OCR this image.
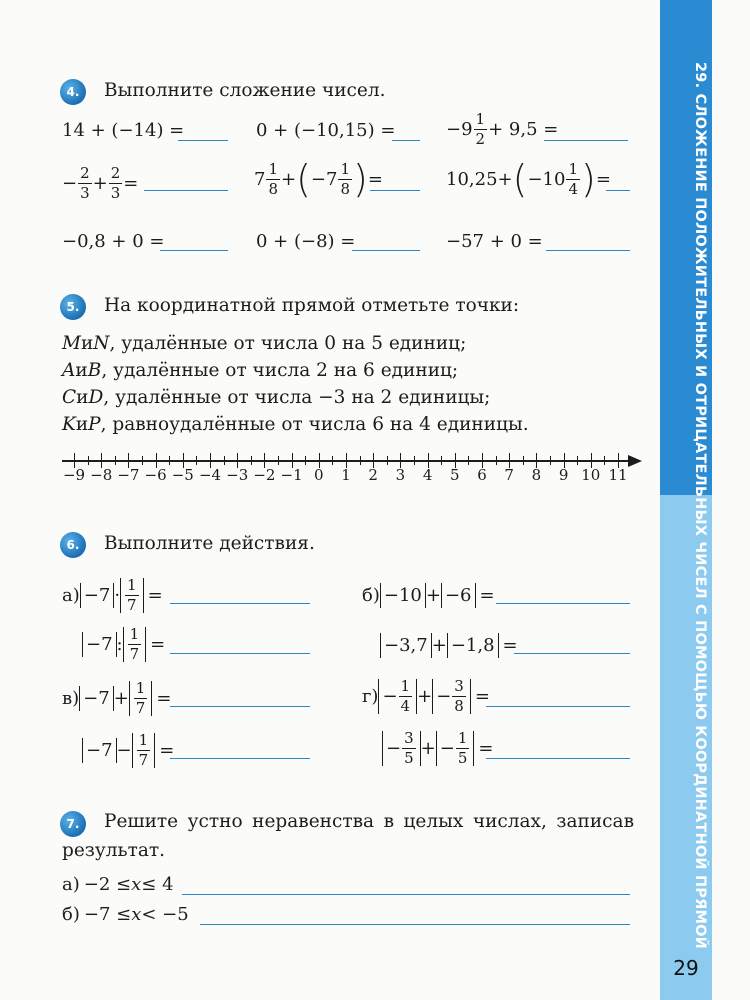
29. СЛОЖЕНИЕ ПОЛОЖИТЕЛЬНЫХ И ОТРИЦАТЕЛЬНЫХ ЧИСЕЛ С ПОМОЩЬЮ КООРДИНАТНОЙ ПРЯМОЙ
29
4.	Выполните сложение чисел.
14 + (−14) =	0 + (−10,15) =	$-9 \frac{1}{2} + 9,5$ =
− $\frac{2}{3} + \frac{2}{3}$ =	$7 \frac{1}{8}$ + ( $-7 \frac{1}{8}$ ) =	10,25 + ( $-10 \frac{1}{4}$ ) =
−0,8 + 0 =	0 + (−8) =	−57 + 0 =
5.	На координатной прямой отметьте точки:
M и N , удалённые от числа 0 на 5 единиц;
A и B , удалённые от числа 2 на 6 единиц;
C и D , удалённые от числа −3 на 2 единицы;
K и P , равноудалённые от числа 6 на 4 единицы.
−9 −8 −7 −6 −5 −4 −3 −2 −1 0 1 2 3 4 5 6 7 8 9 10 11
6.	Выполните действия.
$а) -7 \cdot \frac{1}{7}$ =	б) −10 + −6 =
−7 : $\frac{1}{7}$ =	−3,7 + −1,8 =
$в) -7 + \frac{1}{7}$ =	$г) - \frac{1}{4}$ + − $\frac{3}{8}$ =
$-7 - \frac{1}{7}$ =	− $\frac{3}{5}$ + − $\frac{1}{5}$ =
7.	Решите устно неравенства в целых числах, записав
результат.
а) −2 ≤ x ≤ 4
б) −7 ≤ x < −5
